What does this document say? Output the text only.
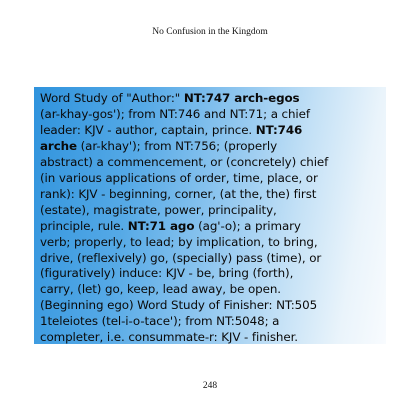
No Confusion in the Kingdom
Word Study of "Author:" NT:747 arch-egos
(ar-khay-gos'); from NT:746 and NT:71; a chief
leader: KJV - author, captain, prince. NT:746
arche (ar-khay'); from NT:756; (properly
abstract) a commencement, or (concretely) chief
(in various applications of order, time, place, or
rank): KJV - beginning, corner, (at the, the) first
(estate), magistrate, power, principality,
principle, rule. NT:71 ago (ag'-o); a primary
verb; properly, to lead; by implication, to bring,
drive, (reflexively) go, (specially) pass (time), or
(figuratively) induce: KJV - be, bring (forth),
carry, (let) go, keep, lead away, be open.
(Beginning ego) Word Study of Finisher: NT:505
1teleiotes (tel-i-o-tace'); from NT:5048; a
completer, i.e. consummate-r: KJV - finisher.
248
